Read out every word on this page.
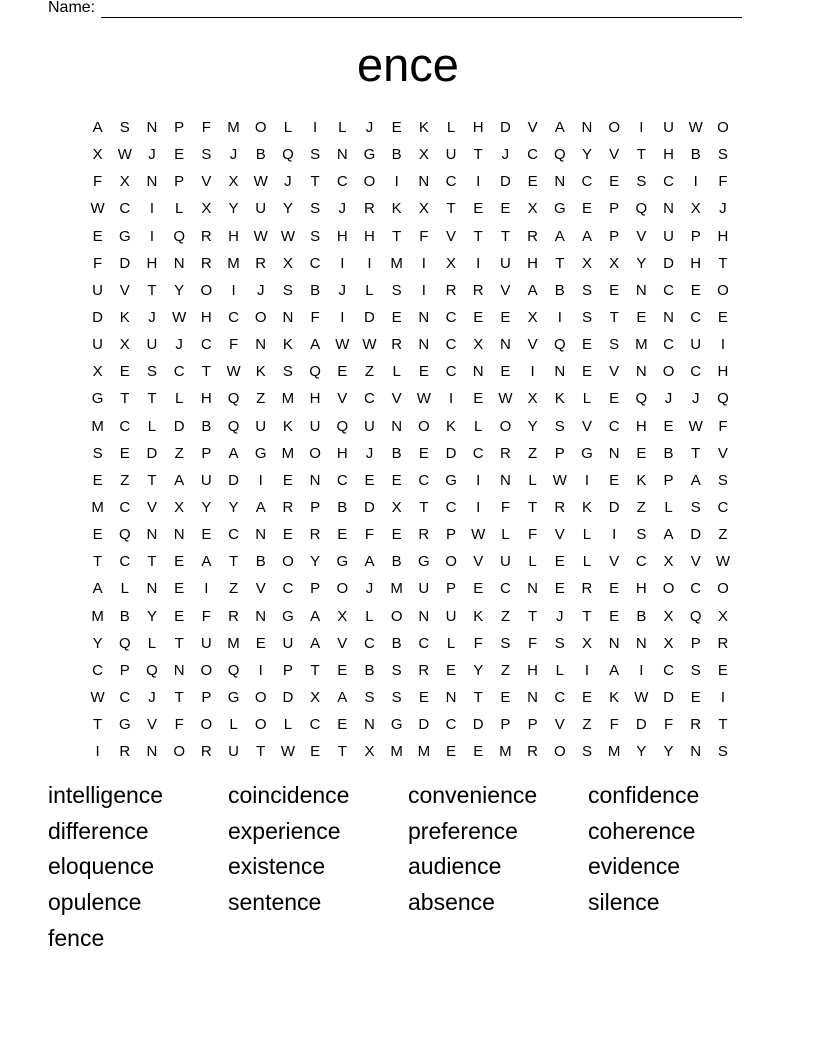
Name:
ence
A	S	N	P	F	M	O	L	I	L	J	E	K	L	H	D	V	A	N	O	I	U W O
X	W	J	E	S	J	B	Q	S	N	G	B	X	U	T	J	C	Q	Y	V	T	H	B	S
F	X	N	P	V	X	W	J	T	C	O	I	N	C	I	D	E	N	C	E	S	C	I	F
W C	I	L	X	Y	U	Y	S	J	R	K	X	T	E	E	X	G	E	P	Q	N	X	J
E	G	I	Q	R	H W W	S	H	H	T	F	V	T	T	R	A	A	P	V	U	P	H
F	D	H	N	R	M	R	X	C	I	I	M	I	X	I	U	H	T	X	X	Y	D	H	T
U	V	T	Y	O	I	J	S	B	J	L	S	I	R	R	V	A	B	S	E	N	C	E	O
D	K	J	W H	C	O	N	F	I	D	E	N	C	E	E	X	I	S	T	E	N	C	E
U	X	U	J	C	F	N	K	A	W W R	N	C	X	N	V	Q	E	S	M	C	U	I
X	E	S	C	T	W	K	S	Q	E	Z	L	E	C	N	E	I	N	E	V	N	O	C	H
G	T	T	L	H	Q	Z	M	H	V	C	V	W	I	E	W	X	K	L	E	Q	J	J	Q
M	C	L	D	B	Q	U	K	U	Q	U	N	O	K	L	O	Y	S	V	C	H	E	W	F
S	E	D	Z	P	A	G	M	O	H	J	B	E	D	C	R	Z	P	G	N	E	B	T	V
E	Z	T	A	U	D	I	E	N	C	E	E	C	G	I	N	L	W	I	E	K	P	A	S
M	C	V	X	Y	Y	A	R	P	B	D	X	T	C	I	F	T	R	K	D	Z	L	S	C
E	Q	N	N	E	C	N	E	R	E	F	E	R	P	W	L	F	V	L	I	S	A	D	Z
T	C	T	E	A	T	B	O	Y	G	A	B	G	O	V	U	L	E	L	V	C	X	V	W
A	L	N	E	I	Z	V	C	P	O	J	M	U	P	E	C	N	E	R	E	H	O	C	O
M	B	Y	E	F	R	N	G	A	X	L	O	N	U	K	Z	T	J	T	E	B	X	Q	X
Y	Q	L	T	U	M	E	U	A	V	C	B	C	L	F	S	F	S	X	N	N	X	P	R
C	P	Q	N	O	Q	I	P	T	E	B	S	R	E	Y	Z	H	L	I	A	I	C	S	E
W C	J	T	P	G	O	D	X	A	S	S	E	N	T	E	N	C	E	K	W D	E	I
T	G	V	F	O	L	O	L	C	E	N	G	D	C	D	P	P	V	Z	F	D	F	R	T
I	R	N	O	R	U	T	W	E	T	X	M M	E	E	M	R	O	S	M	Y	Y	N	S
intelligence	coincidence	convenience	confidence
difference	experience	preference	coherence
eloquence	existence	audience	evidence
opulence	sentence	absence	silence
fence
